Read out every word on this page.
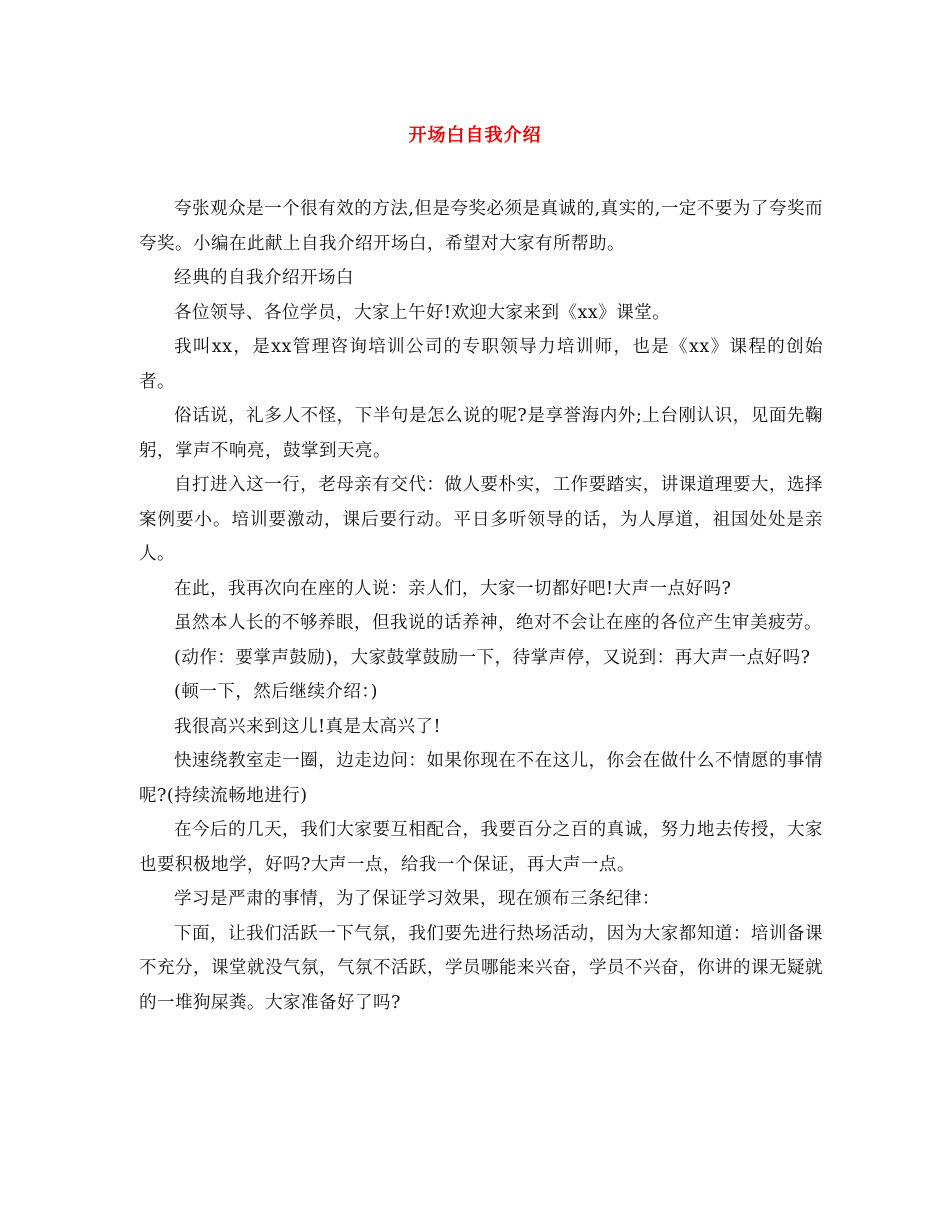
开场白自我介绍

夸张观众是一个很有效的方法,但是夸奖必须是真诚的,真实的,一定不要为了夸奖而夸奖。小编在此献上自我介绍开场白，希望对大家有所帮助。

经典的自我介绍开场白

各位领导、各位学员，大家上午好!欢迎大家来到《xx》课堂。

我叫xx，是xx管理咨询培训公司的专职领导力培训师，也是《xx》课程的创始者。

俗话说，礼多人不怪，下半句是怎么说的呢?是享誉海内外;上台刚认识，见面先鞠躬，掌声不响亮，鼓掌到天亮。

自打进入这一行，老母亲有交代：做人要朴实，工作要踏实，讲课道理要大，选择案例要小。培训要激动，课后要行动。平日多听领导的话，为人厚道，祖国处处是亲人。

在此，我再次向在座的人说：亲人们，大家一切都好吧!大声一点好吗?

虽然本人长的不够养眼，但我说的话养神，绝对不会让在座的各位产生审美疲劳。

(动作：要掌声鼓励)，大家鼓掌鼓励一下，待掌声停，又说到：再大声一点好吗?

(顿一下，然后继续介绍：)

我很高兴来到这儿!真是太高兴了!

快速绕教室走一圈，边走边问：如果你现在不在这儿，你会在做什么不情愿的事情呢?(持续流畅地进行)

在今后的几天，我们大家要互相配合，我要百分之百的真诚，努力地去传授，大家也要积极地学，好吗?大声一点，给我一个保证，再大声一点。

学习是严肃的事情，为了保证学习效果，现在颁布三条纪律：

下面，让我们活跃一下气氛，我们要先进行热场活动，因为大家都知道：培训备课不充分，课堂就没气氛，气氛不活跃，学员哪能来兴奋，学员不兴奋，你讲的课无疑就的一堆狗屎粪。大家准备好了吗?
